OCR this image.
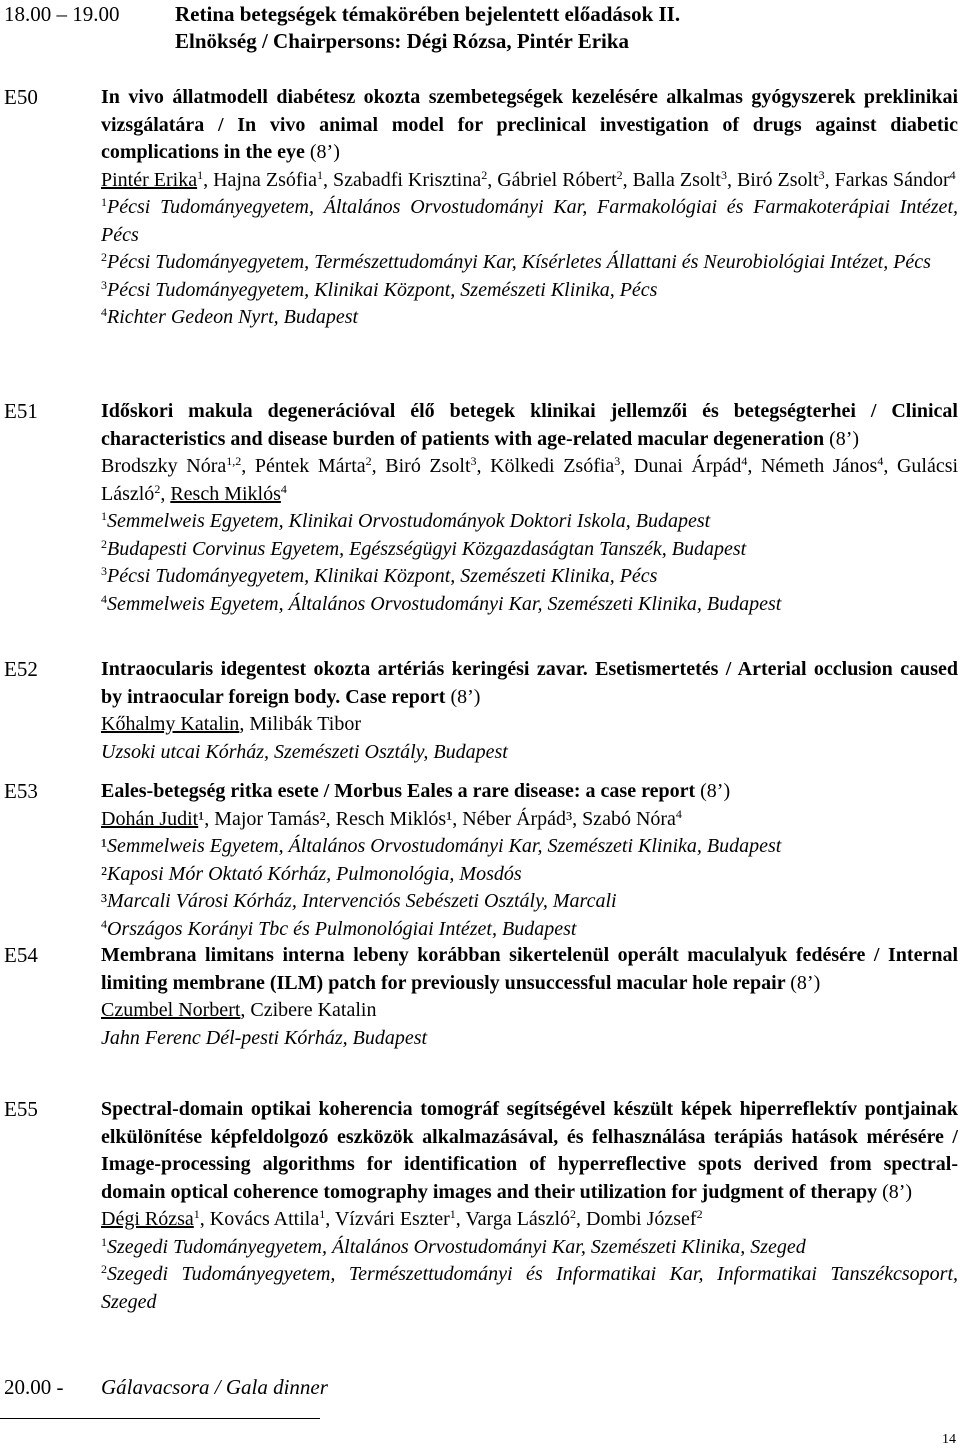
18.00 – 19.00	Retina betegségek témakörében bejelentett előadások II.
Elnökség / Chairpersons: Dégi Rózsa, Pintér Erika
E50	In vivo állatmodell diabétesz okozta szembetegségek kezelésére alkalmas gyógyszerek preklinikai vizsgálatára / In vivo animal model for preclinical investigation of drugs against diabetic complications in the eye (8’)
Pintér Erika$^1$, Hajna Zsófia$^1$, Szabadfi Krisztina$^2$, Gábriel Róbert$^2$, Balla Zsolt$^3$, Biró Zsolt$^3$, Farkas Sándor$^4$
$^1$Pécsi Tudományegyetem, Általános Orvostudományi Kar, Farmakológiai és Farmakoterápiai Intézet, Pécs
$^2$Pécsi Tudományegyetem, Természettudományi Kar, Kísérletes Állattani és Neurobiológiai Intézet, Pécs
$^3$Pécsi Tudományegyetem, Klinikai Központ, Szemészeti Klinika, Pécs
$^4$Richter Gedeon Nyrt, Budapest
E51	Időskori makula degenerációval élő betegek klinikai jellemzői és betegségterhei / Clinical characteristics and disease burden of patients with age-related macular degeneration (8’)
Brodszky Nóra$^{1,2}$, Péntek Márta$^2$, Biró Zsolt$^3$, Kölkedi Zsófia$^3$, Dunai Árpád$^4$, Németh János$^4$, Gulácsi László$^2$, Resch Miklós$^4$
$^1$Semmelweis Egyetem, Klinikai Orvostudományok Doktori Iskola, Budapest
$^2$Budapesti Corvinus Egyetem, Egészségügyi Közgazdaságtan Tanszék, Budapest
$^3$Pécsi Tudományegyetem, Klinikai Központ, Szemészeti Klinika, Pécs
$^4$Semmelweis Egyetem, Általános Orvostudományi Kar, Szemészeti Klinika, Budapest
E52	Intraocularis idegentest okozta artériás keringési zavar. Esetismertetés / Arterial occlusion caused by intraocular foreign body. Case report (8’)
Kőhalmy Katalin, Milibák Tibor
Uzsoki utcai Kórház, Szemészeti Osztály, Budapest
E53	Eales-betegség ritka esete / Morbus Eales a rare disease: a case report (8’)
Dohán Judit¹, Major Tamás², Resch Miklós¹, Néber Árpád³, Szabó Nóra$^4$
¹Semmelweis Egyetem, Általános Orvostudományi Kar, Szemészeti Klinika, Budapest
²Kaposi Mór Oktató Kórház, Pulmonológia, Mosdós
³Marcali Városi Kórház, Intervenciós Sebészeti Osztály, Marcali
$^4$Országos Korányi Tbc és Pulmonológiai Intézet, Budapest
E54	Membrana limitans interna lebeny korábban sikertelenül operált maculalyuk fedésére / Internal limiting membrane (ILM) patch for previously unsuccessful macular hole repair (8’)
Czumbel Norbert, Czibere Katalin
Jahn Ferenc Dél-pesti Kórház, Budapest
E55	Spectral-domain optikai koherencia tomográf segítségével készült képek hiperreflektív pontjainak elkülönítése képfeldolgozó eszközök alkalmazásával, és felhasználása terápiás hatások mérésére / Image-processing algorithms for identification of hyperreflective spots derived from spectral-domain optical coherence tomography images and their utilization for judgment of therapy (8’)
Dégi Rózsa$^1$, Kovács Attila$^1$, Vízvári Eszter$^1$, Varga László$^2$, Dombi József$^2$
$^1$Szegedi Tudományegyetem, Általános Orvostudományi Kar, Szemészeti Klinika, Szeged
$^2$Szegedi Tudományegyetem, Természettudományi és Informatikai Kar, Informatikai Tanszékcsoport, Szeged
20.00 - Gálavacsora / Gala dinner
14
